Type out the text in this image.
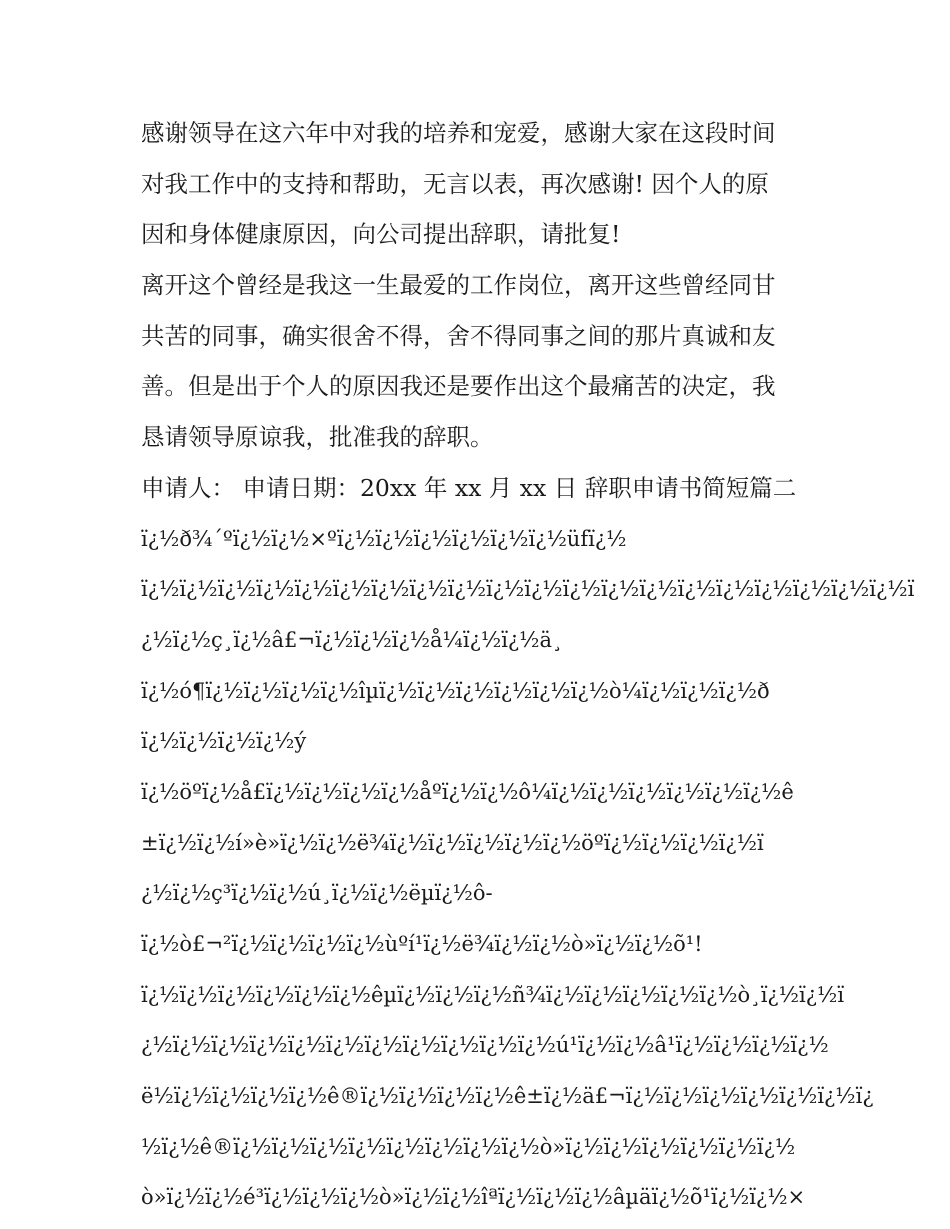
感谢领导在这六年中对我的培养和宠爱，感谢大家在这段时间
对我工作中的支持和帮助，无言以表，再次感谢! 因个人的原
因和身体健康原因，向公司提出辞职，请批复!
离开这个曾经是我这一生最爱的工作岗位，离开这些曾经同甘
共苦的同事，确实很舍不得，舍不得同事之间的那片真诚和友
善。但是出于个人的原因我还是要作出这个最痛苦的决定，我
恳请领导原谅我，批准我的辞职。
申请人： 申请日期：20xx 年 xx 月 xx 日 辞职申请书简短篇二
ï¿½ð¾´ºï¿½ï¿½×ºï¿½ï¿½ï¿½ï¿½ï¿½ï¿½üfï¿½
ï¿½ï¿½ï¿½ï¿½ï¿½ï¿½ï¿½ï¿½ï¿½ï¿½ï¿½ï¿½ï¿½ï¿½ï¿½ï¿½ï¿½ï¿½ï¿½ï¿½ï
¿½ï¿½ç¸ï¿½â£¬ï¿½ï¿½ï¿½å¼ï¿½ï¿½ä¸
ï¿½ó¶ï¿½ï¿½ï¿½ï¿½îµï¿½ï¿½ï¿½ï¿½ï¿½ï¿½ò¼ï¿½ï¿½ï¿½ð
ï¿½ï¿½ï¿½ï¿½ý
ï¿½öºï¿½å£ï¿½ï¿½ï¿½ï¿½åºï¿½ï¿½ô¼ï¿½ï¿½ï¿½ï¿½ï¿½ï¿½ê
±ï¿½ï¿½í»è»ï¿½ï¿½ë¾ï¿½ï¿½ï¿½ï¿½ï¿½öºï¿½ï¿½ï¿½ï¿½ï
¿½ï¿½ç³ï¿½ï¿½ú¸ï¿½ï¿½ëµï¿½ô-
ï¿½ò£¬²ï¿½ï¿½ï¿½ï¿½ùºí¹ï¿½ë¾ï¿½ï¿½ò»ï¿½ï¿½õ¹!
ï¿½ï¿½ï¿½ï¿½ï¿½ï¿½êµï¿½ï¿½ï¿½ñ¾ï¿½ï¿½ï¿½ï¿½ï¿½ò¸ï¿½ï¿½ï
¿½ï¿½ï¿½ï¿½ï¿½ï¿½ï¿½ï¿½ï¿½ï¿½ï¿½ú¹ï¿½ï¿½â¹ï¿½ï¿½ï¿½ï¿½
ë½ï¿½ï¿½ï¿½ï¿½ê®ï¿½ï¿½ï¿½ï¿½ê±ï¿½ä£¬ï¿½ï¿½ï¿½ï¿½ï¿½ï¿½ï¿
½ï¿½ê®ï¿½ï¿½ï¿½ï¿½ï¿½ï¿½ï¿½ï¿½ò»ï¿½ï¿½ï¿½ï¿½ï¿½ï¿½
ò»ï¿½ï¿½é³ï¿½ï¿½ï¿½ò»ï¿½ï¿½îªï¿½ï¿½ï¿½âµäï¿½õ¹ï¿½ï¿½×
